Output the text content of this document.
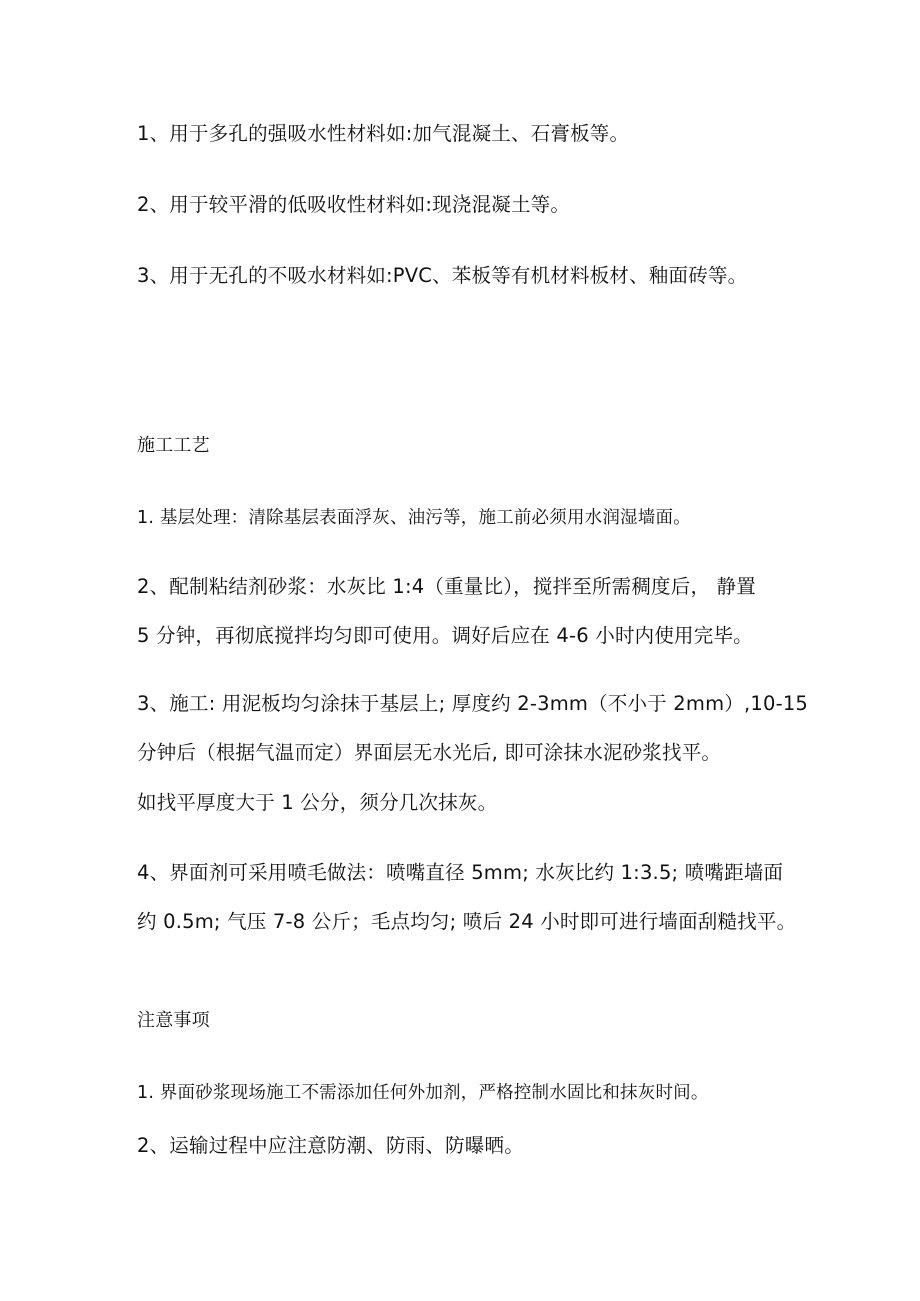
1、用于多孔的强吸水性材料如:加气混凝土、石膏板等。
2、用于较平滑的低吸收性材料如:现浇混凝土等。
3、用于无孔的不吸水材料如:PVC、苯板等有机材料板材、釉面砖等。
施工工艺
1. 基层处理：清除基层表面浮灰、油污等，施工前必须用水润湿墙面。
2、配制粘结剂砂浆：水灰比 1:4（重量比），搅拌至所需稠度后， 静置
5 分钟，再彻底搅拌均匀即可使用。调好后应在 4-6 小时内使用完毕。
3、施工: 用泥板均匀涂抹于基层上; 厚度约 2-3mm（不小于 2mm）,10-15
分钟后（根据气温而定）界面层无水光后, 即可涂抹水泥砂浆找平。
如找平厚度大于 1 公分，须分几次抹灰。
4、界面剂可采用喷毛做法：喷嘴直径 5mm; 水灰比约 1:3.5; 喷嘴距墙面
约 0.5m; 气压 7-8 公斤；毛点均匀; 喷后 24 小时即可进行墙面刮糙找平。
注意事项
1. 界面砂浆现场施工不需添加任何外加剂，严格控制水固比和抹灰时间。
2、运输过程中应注意防潮、防雨、防曝晒。
